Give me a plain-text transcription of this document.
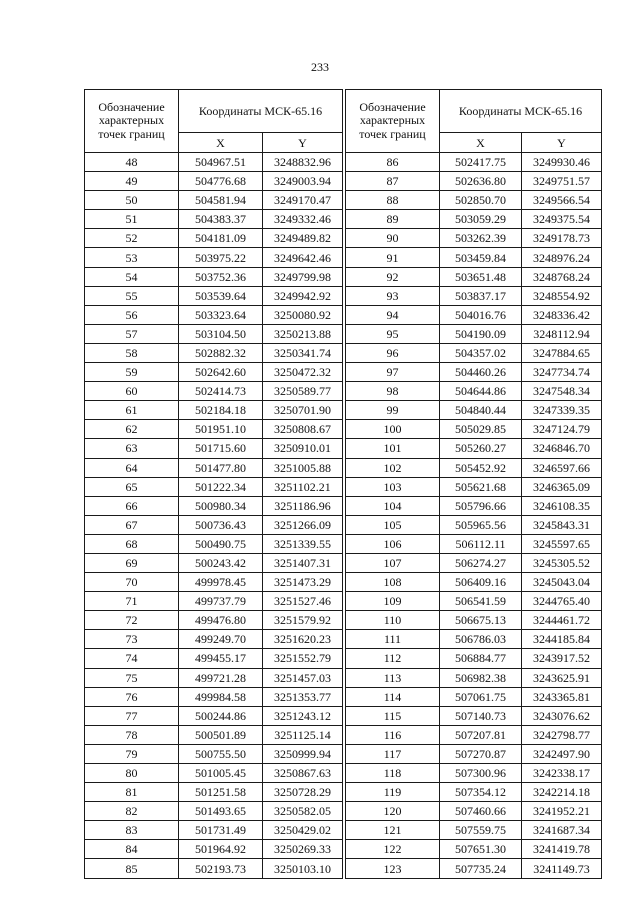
233
Обозначение
характерных
точек границ	Координаты МСК-65.16	
	X	Y
48	504967.51	3248832.96
49	504776.68	3249003.94
50	504581.94	3249170.47
51	504383.37	3249332.46
52	504181.09	3249489.82
53	503975.22	3249642.46
54	503752.36	3249799.98
55	503539.64	3249942.92
56	503323.64	3250080.92
57	503104.50	3250213.88
58	502882.32	3250341.74
59	502642.60	3250472.32
60	502414.73	3250589.77
61	502184.18	3250701.90
62	501951.10	3250808.67
63	501715.60	3250910.01
64	501477.80	3251005.88
65	501222.34	3251102.21
66	500980.34	3251186.96
67	500736.43	3251266.09
68	500490.75	3251339.55
69	500243.42	3251407.31
70	499978.45	3251473.29
71	499737.79	3251527.46
72	499476.80	3251579.92
73	499249.70	3251620.23
74	499455.17	3251552.79
75	499721.28	3251457.03
76	499984.58	3251353.77
77	500244.86	3251243.12
78	500501.89	3251125.14
79	500755.50	3250999.94
80	501005.45	3250867.63
81	501251.58	3250728.29
82	501493.65	3250582.05
83	501731.49	3250429.02
84	501964.92	3250269.33
85	502193.73	3250103.10
Обозначение
характерных
точек границ	Координаты МСК-65.16	
	X	Y
86	502417.75	3249930.46
87	502636.80	3249751.57
88	502850.70	3249566.54
89	503059.29	3249375.54
90	503262.39	3249178.73
91	503459.84	3248976.24
92	503651.48	3248768.24
93	503837.17	3248554.92
94	504016.76	3248336.42
95	504190.09	3248112.94
96	504357.02	3247884.65
97	504460.26	3247734.74
98	504644.86	3247548.34
99	504840.44	3247339.35
100	505029.85	3247124.79
101	505260.27	3246846.70
102	505452.92	3246597.66
103	505621.68	3246365.09
104	505796.66	3246108.35
105	505965.56	3245843.31
106	506112.11	3245597.65
107	506274.27	3245305.52
108	506409.16	3245043.04
109	506541.59	3244765.40
110	506675.13	3244461.72
111	506786.03	3244185.84
112	506884.77	3243917.52
113	506982.38	3243625.91
114	507061.75	3243365.81
115	507140.73	3243076.62
116	507207.81	3242798.77
117	507270.87	3242497.90
118	507300.96	3242338.17
119	507354.12	3242214.18
120	507460.66	3241952.21
121	507559.75	3241687.34
122	507651.30	3241419.78
123	507735.24	3241149.73
